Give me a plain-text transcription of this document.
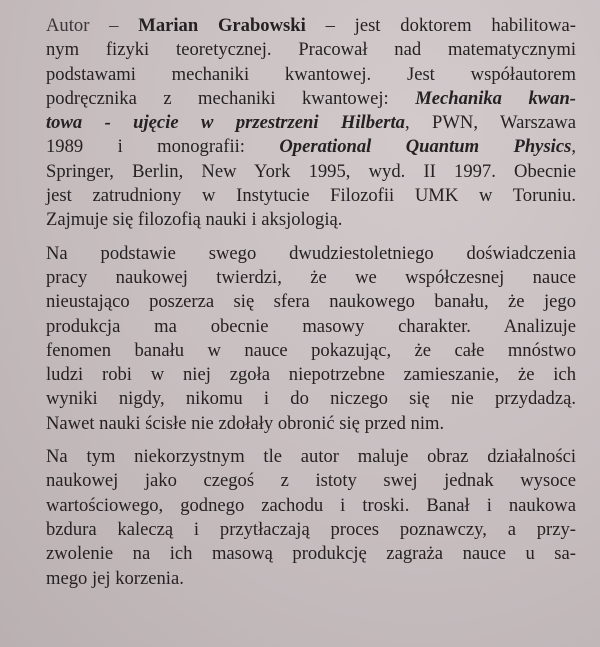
Autor – Marian Grabowski – jest doktorem habilitowa-
nym fizyki teoretycznej. Pracował nad matematycznymi
podstawami mechaniki kwantowej. Jest współautorem
podręcznika z mechaniki kwantowej: Mechanika kwan-
towa - ujęcie w przestrzeni Hilberta, PWN, Warszawa
1989 i monografii: Operational Quantum Physics,
Springer, Berlin, New York 1995, wyd. II 1997. Obecnie
jest zatrudniony w Instytucie Filozofii UMK w Toruniu.
Zajmuje się filozofią nauki i aksjologią.

Na podstawie swego dwudziestoletniego doświadczenia
pracy naukowej twierdzi, że we współczesnej nauce
nieustająco poszerza się sfera naukowego banału, że jego
produkcja ma obecnie masowy charakter. Analizuje
fenomen banału w nauce pokazując, że całe mnóstwo
ludzi robi w niej zgoła niepotrzebne zamieszanie, że ich
wyniki nigdy, nikomu i do niczego się nie przydadzą.
Nawet nauki ścisłe nie zdołały obronić się przed nim.

Na tym niekorzystnym tle autor maluje obraz działalności
naukowej jako czegoś z istoty swej jednak wysoce
wartościowego, godnego zachodu i troski. Banał i naukowa
bzdura kaleczą i przytłaczają proces poznawczy, a przy-
zwolenie na ich masową produkcję zagraża nauce u sa-
mego jej korzenia.
